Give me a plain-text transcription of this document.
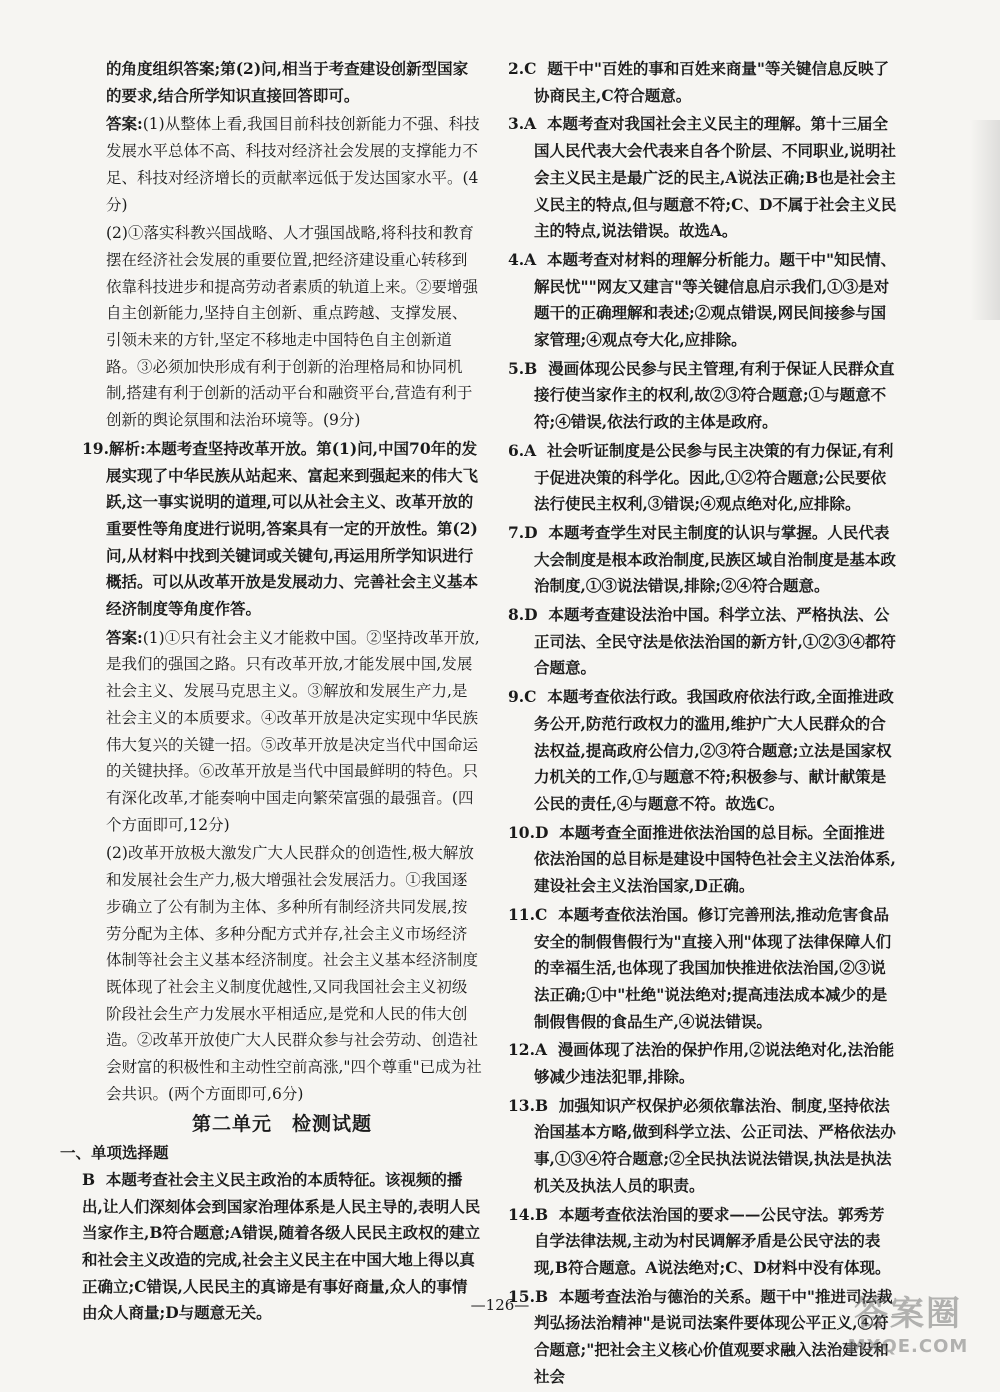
的角度组织答案;第(2)问,相当于考查建设创新型国家的要求,结合所学知识直接回答即可。
答案:(1)从整体上看,我国目前科技创新能力不强、科技发展水平总体不高、科技对经济社会发展的支撑能力不足、科技对经济增长的贡献率远低于发达国家水平。(4分)
(2)①落实科教兴国战略、人才强国战略,将科技和教育摆在经济社会发展的重要位置,把经济建设重心转移到依靠科技进步和提高劳动者素质的轨道上来。②要增强自主创新能力,坚持自主创新、重点跨越、支撑发展、引领未来的方针,坚定不移地走中国特色自主创新道路。③必须加快形成有利于创新的治理格局和协同机制,搭建有利于创新的活动平台和融资平台,营造有利于创新的舆论氛围和法治环境等。(9分)
19.解析:本题考查坚持改革开放。第(1)问,中国70年的发展实现了中华民族从站起来、富起来到强起来的伟大飞跃,这一事实说明的道理,可以从社会主义、改革开放的重要性等角度进行说明,答案具有一定的开放性。第(2)问,从材料中找到关键词或关键句,再运用所学知识进行概括。可以从改革开放是发展动力、完善社会主义基本经济制度等角度作答。
答案:(1)①只有社会主义才能救中国。②坚持改革开放,是我们的强国之路。只有改革开放,才能发展中国,发展社会主义、发展马克思主义。③解放和发展生产力,是社会主义的本质要求。④改革开放是决定实现中华民族伟大复兴的关键一招。⑤改革开放是决定当代中国命运的关键抉择。⑥改革开放是当代中国最鲜明的特色。只有深化改革,才能奏响中国走向繁荣富强的最强音。(四个方面即可,12分)
(2)改革开放极大激发广大人民群众的创造性,极大解放和发展社会生产力,极大增强社会发展活力。①我国逐步确立了公有制为主体、多种所有制经济共同发展,按劳分配为主体、多种分配方式并存,社会主义市场经济体制等社会主义基本经济制度。社会主义基本经济制度既体现了社会主义制度优越性,又同我国社会主义初级阶段社会生产力发展水平相适应,是党和人民的伟大创造。②改革开放使广大人民群众参与社会劳动、创造社会财富的积极性和主动性空前高涨,"四个尊重"已成为社会共识。(两个方面即可,6分)
第二单元　检测试题
一、单项选择题
B 本题考查社会主义民主政治的本质特征。该视频的播出,让人们深刻体会到国家治理体系是人民主导的,表明人民当家作主,B符合题意;A错误,随着各级人民民主政权的建立和社会主义改造的完成,社会主义民主在中国大地上得以真正确立;C错误,人民民主的真谛是有事好商量,众人的事情由众人商量;D与题意无关。
2.C 题干中"百姓的事和百姓来商量"等关键信息反映了协商民主,C符合题意。
3.A 本题考查对我国社会主义民主的理解。第十三届全国人民代表大会代表来自各个阶层、不同职业,说明社会主义民主是最广泛的民主,A说法正确;B也是社会主义民主的特点,但与题意不符;C、D不属于社会主义民主的特点,说法错误。故选A。
4.A 本题考查对材料的理解分析能力。题干中"知民情、解民忧""网友又建言"等关键信息启示我们,①③是对题干的正确理解和表述;②观点错误,网民间接参与国家管理;④观点夸大化,应排除。
5.B 漫画体现公民参与民主管理,有利于保证人民群众直接行使当家作主的权利,故②③符合题意;①与题意不符;④错误,依法行政的主体是政府。
6.A 社会听证制度是公民参与民主决策的有力保证,有利于促进决策的科学化。因此,①②符合题意;公民要依法行使民主权利,③错误;④观点绝对化,应排除。
7.D 本题考查学生对民主制度的认识与掌握。人民代表大会制度是根本政治制度,民族区域自治制度是基本政治制度,①③说法错误,排除;②④符合题意。
8.D 本题考查建设法治中国。科学立法、严格执法、公正司法、全民守法是依法治国的新方针,①②③④都符合题意。
9.C 本题考查依法行政。我国政府依法行政,全面推进政务公开,防范行政权力的滥用,维护广大人民群众的合法权益,提高政府公信力,②③符合题意;立法是国家权力机关的工作,①与题意不符;积极参与、献计献策是公民的责任,④与题意不符。故选C。
10.D 本题考查全面推进依法治国的总目标。全面推进依法治国的总目标是建设中国特色社会主义法治体系,建设社会主义法治国家,D正确。
11.C 本题考查依法治国。修订完善刑法,推动危害食品安全的制假售假行为"直接入刑"体现了法律保障人们的幸福生活,也体现了我国加快推进依法治国,②③说法正确;①中"杜绝"说法绝对;提高违法成本减少的是制假售假的食品生产,④说法错误。
12.A 漫画体现了法治的保护作用,②说法绝对化,法治能够减少违法犯罪,排除。
13.B 加强知识产权保护必须依靠法治、制度,坚持依法治国基本方略,做到科学立法、公正司法、严格依法办事,①③④符合题意;②全民执法说法错误,执法是执法机关及执法人员的职责。
14.B 本题考查依法治国的要求——公民守法。郭秀芳自学法律法规,主动为村民调解矛盾是公民守法的表现,B符合题意。A说法绝对;C、D材料中没有体现。
15.B 本题考查法治与德治的关系。题干中"推进司法裁判弘扬法治精神"是说司法案件要体现公平正义,④符合题意;"把社会主义核心价值观要求融入法治建设和社会
—126—	答案圈
MXQE.COM
